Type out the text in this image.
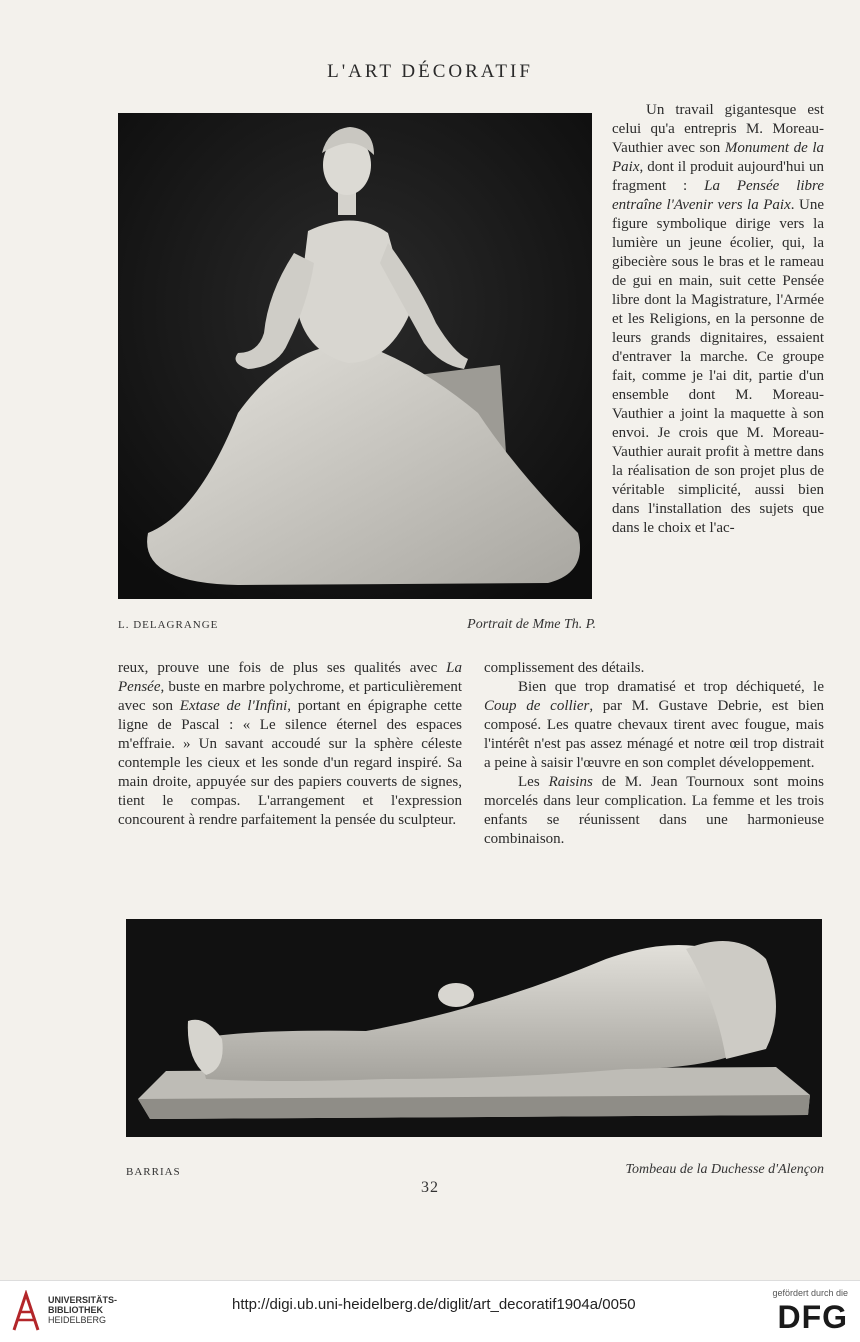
L'ART DÉCORATIF
L. DELAGRANGE	Portrait de Mme Th. P.

Un travail gigantesque est celui qu'a entrepris M. Moreau-Vauthier avec son Monument de la Paix, dont il produit aujourd'hui un fragment : La Pensée libre entraîne l'Avenir vers la Paix. Une figure symbolique dirige vers la lumière un jeune écolier, qui, la gibecière sous le bras et le rameau de gui en main, suit cette Pensée libre dont la Magistrature, l'Armée et les Religions, en la personne de leurs grands dignitaires, essaient d'entraver la marche. Ce groupe fait, comme je l'ai dit, partie d'un ensemble dont M. Moreau-Vauthier a joint la maquette à son envoi. Je crois que M. Moreau-Vauthier aurait profit à mettre dans la réalisation de son projet plus de véritable simplicité, aussi bien dans l'installation des sujets que dans le choix et l'ac-

reux, prouve une fois de plus ses qualités avec La Pensée, buste en marbre polychrome, et particulièrement avec son Extase de l'Infini, portant en épigraphe cette ligne de Pascal : « Le silence éternel des espaces m'effraie. » Un savant accoudé sur la sphère céleste contemple les cieux et les sonde d'un regard inspiré. Sa main droite, appuyée sur des papiers couverts de signes, tient le compas. L'arrangement et l'expression concourent à rendre parfaitement la pensée du sculpteur.

complissement des détails.

Bien que trop dramatisé et trop déchiqueté, le Coup de collier, par M. Gustave Debrie, est bien composé. Les quatre chevaux tirent avec fougue, mais l'intérêt n'est pas assez ménagé et notre œil trop distrait a peine à saisir l'œuvre en son complet développement.

Les Raisins de M. Jean Tournoux sont moins morcelés dans leur complication. La femme et les trois enfants se réunissent dans une harmonieuse combinaison.

BARRIAS	Tombeau de la Duchesse d'Alençon
32
UNIVERSITÄTS-
BIBLIOTHEK
HEIDELBERG
http://digi.ub.uni-heidelberg.de/diglit/art_decoratif1904a/0050
gefördert durch die
DFG
